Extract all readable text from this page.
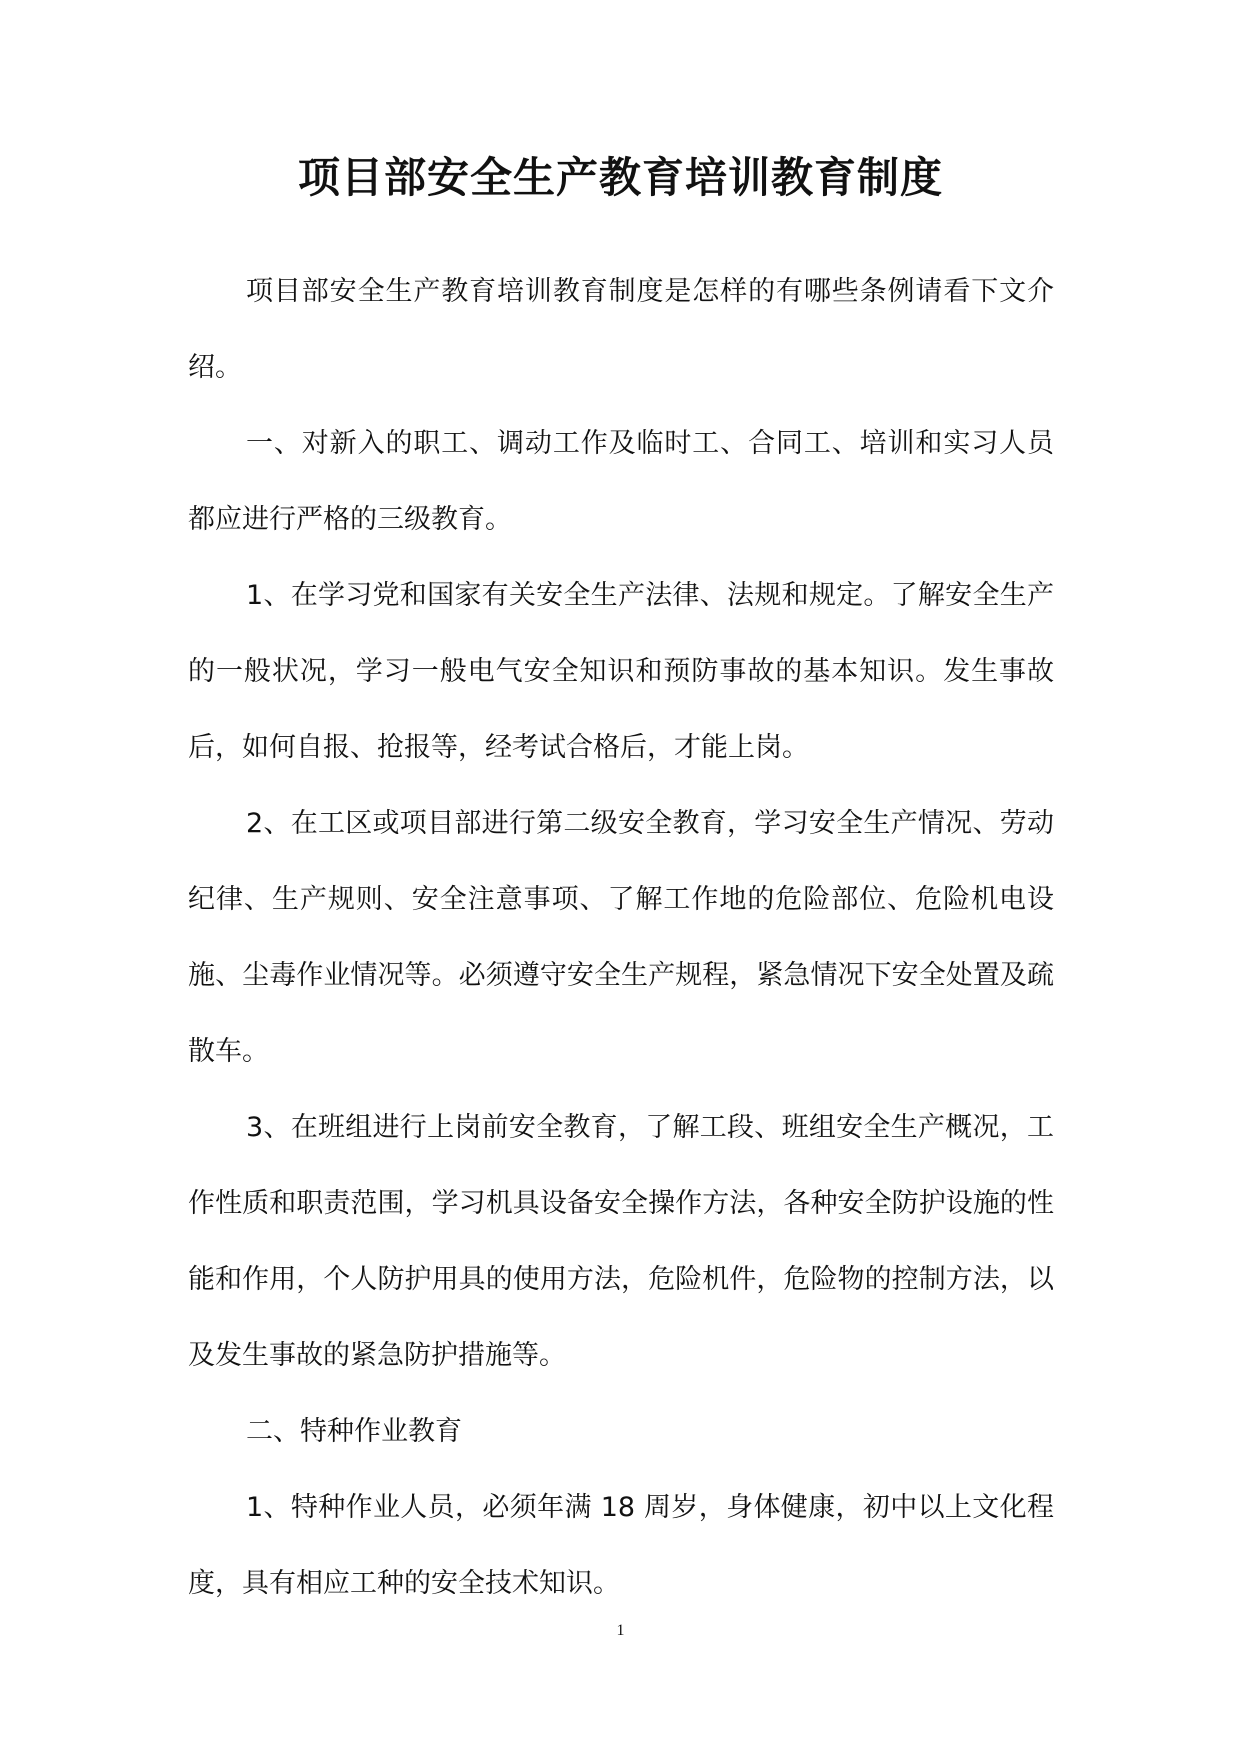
项目部安全生产教育培训教育制度

项目部安全生产教育培训教育制度是怎样的有哪些条例请看下文介绍。

一、对新入的职工、调动工作及临时工、合同工、培训和实习人员都应进行严格的三级教育。

1、在学习党和国家有关安全生产法律、法规和规定。了解安全生产的一般状况，学习一般电气安全知识和预防事故的基本知识。发生事故后，如何自报、抢报等，经考试合格后，才能上岗。

2、在工区或项目部进行第二级安全教育，学习安全生产情况、劳动纪律、生产规则、安全注意事项、了解工作地的危险部位、危险机电设施、尘毒作业情况等。必须遵守安全生产规程，紧急情况下安全处置及疏散车。

3、在班组进行上岗前安全教育，了解工段、班组安全生产概况，工作性质和职责范围，学习机具设备安全操作方法，各种安全防护设施的性能和作用，个人防护用具的使用方法，危险机件，危险物的控制方法，以及发生事故的紧急防护措施等。

二、特种作业教育

1、特种作业人员，必须年满 18 周岁，身体健康，初中以上文化程度，具有相应工种的安全技术知识。

1
